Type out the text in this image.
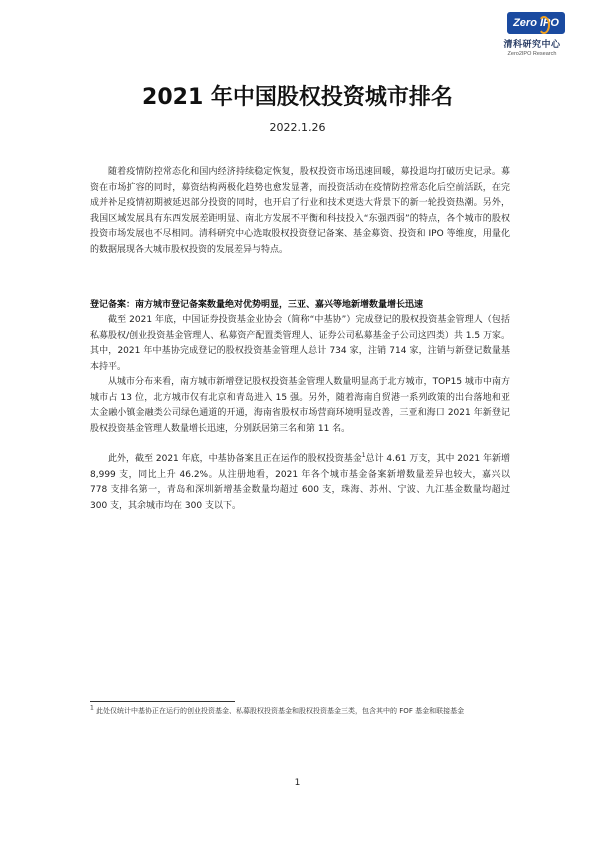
Zero IPO
清科研究中心
Zero2IPO Research
2021 年中国股权投资城市排名
2022.1.26

随着疫情防控常态化和国内经济持续稳定恢复，股权投资市场迅速回暖，募投退均打破历史记录。募资在市场扩容的同时，募资结构两极化趋势也愈发显著，而投资活动在疫情防控常态化后空前活跃，在完成并补足疫情初期被延迟部分投资的同时，也开启了行业和技术更迭大背景下的新一轮投资热潮。另外，我国区域发展具有东西发展差距明显、南北方发展不平衡和科技投入“东强西弱”的特点，各个城市的股权投资市场发展也不尽相同。清科研究中心选取股权投资登记备案、基金募资、投资和 IPO 等维度，用量化的数据展现各大城市股权投资的发展差异与特点。

登记备案：南方城市登记备案数量绝对优势明显，三亚、嘉兴等地新增数量增长迅速

截至 2021 年底，中国证券投资基金业协会（简称“中基协”）完成登记的股权投资基金管理人（包括私募股权/创业投资基金管理人、私募资产配置类管理人、证券公司私募基金子公司这四类）共 1.5 万家。其中，2021 年中基协完成登记的股权投资基金管理人总计 734 家，注销 714 家，注销与新登记数量基本持平。

从城市分布来看，南方城市新增登记股权投资基金管理人数量明显高于北方城市，TOP15 城市中南方城市占 13 位，北方城市仅有北京和青岛进入 15 强。另外，随着海南自贸港一系列政策的出台落地和亚太金融小镇金融类公司绿色通道的开通，海南省股权市场营商环境明显改善，三亚和海口 2021 年新登记股权投资基金管理人数量增长迅速，分别跃居第三名和第 11 名。

此外，截至 2021 年底，中基协备案且正在运作的股权投资基金$^1$总计 4.61 万支，其中 2021 年新增 8,999 支，同比上升 46.2%。从注册地看，2021 年各个城市基金备案新增数量差异也较大，嘉兴以 778 支排名第一，青岛和深圳新增基金数量均超过 600 支，珠海、苏州、宁波、九江基金数量均超过 300 支，其余城市均在 300 支以下。

$^1$ 此处仅统计中基协正在运行的创业投资基金、私募股权投资基金和股权投资基金三类，包含其中的 FOF 基金和联接基金

1
